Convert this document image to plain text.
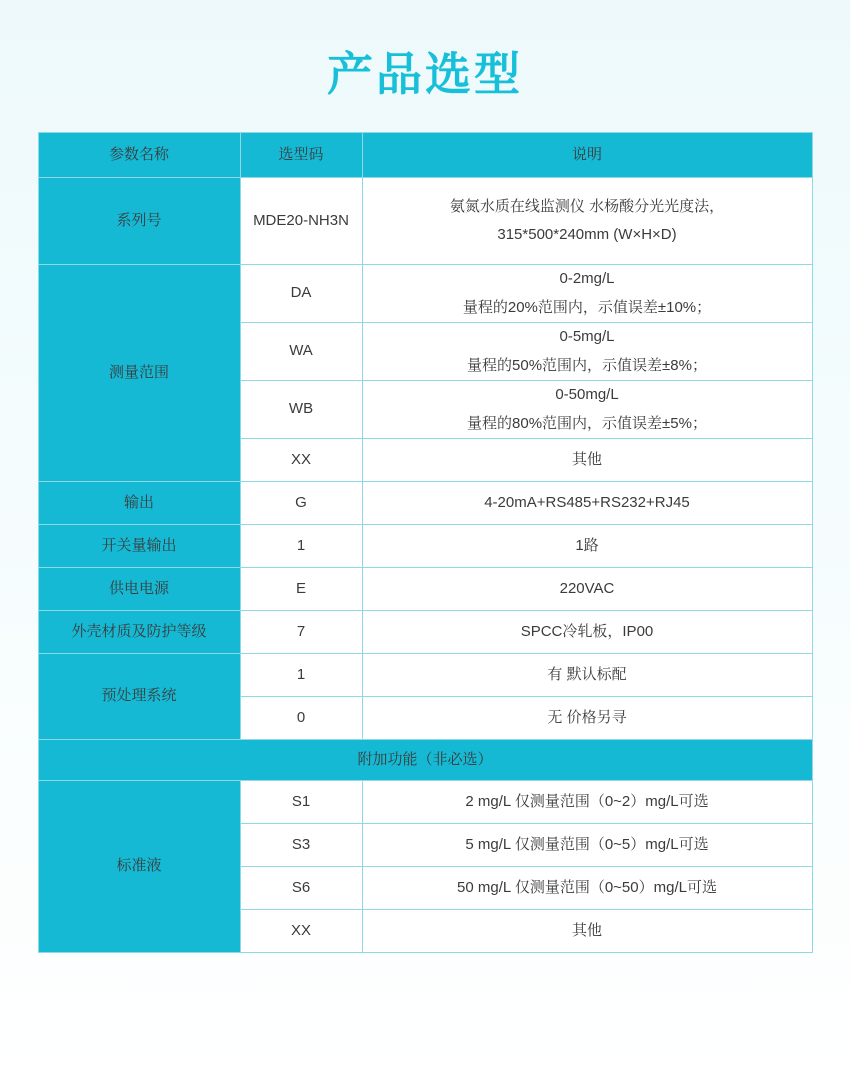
产品选型
参数名称	选型码	说明
系列号	MDE20-NH3N	氨氮水质在线监测仪 水杨酸分光光度法，
315*500*240mm (W×H×D)

测量范围	DA	0-2mg/L
量程的20%范围内，示值误差±10%；

	WA	0-5mg/L
量程的50%范围内，示值误差±8%；

	WB	0-50mg/L
量程的80%范围内，示值误差±5%；

	XX	其他
输出	G	4-20mA+RS485+RS232+RJ45
开关量输出	1	1路
供电电源	E	220VAC
外壳材质及防护等级	7	SPCC冷轧板，IP00
预处理系统	1	有 默认标配
	0	无 价格另寻
附加功能（非必选）		
标准液	S1	2 mg/L 仅测量范围（0~2）mg/L可选
	S3	5 mg/L 仅测量范围（0~5）mg/L可选
	S6	50 mg/L 仅测量范围（0~50）mg/L可选
	XX	其他
